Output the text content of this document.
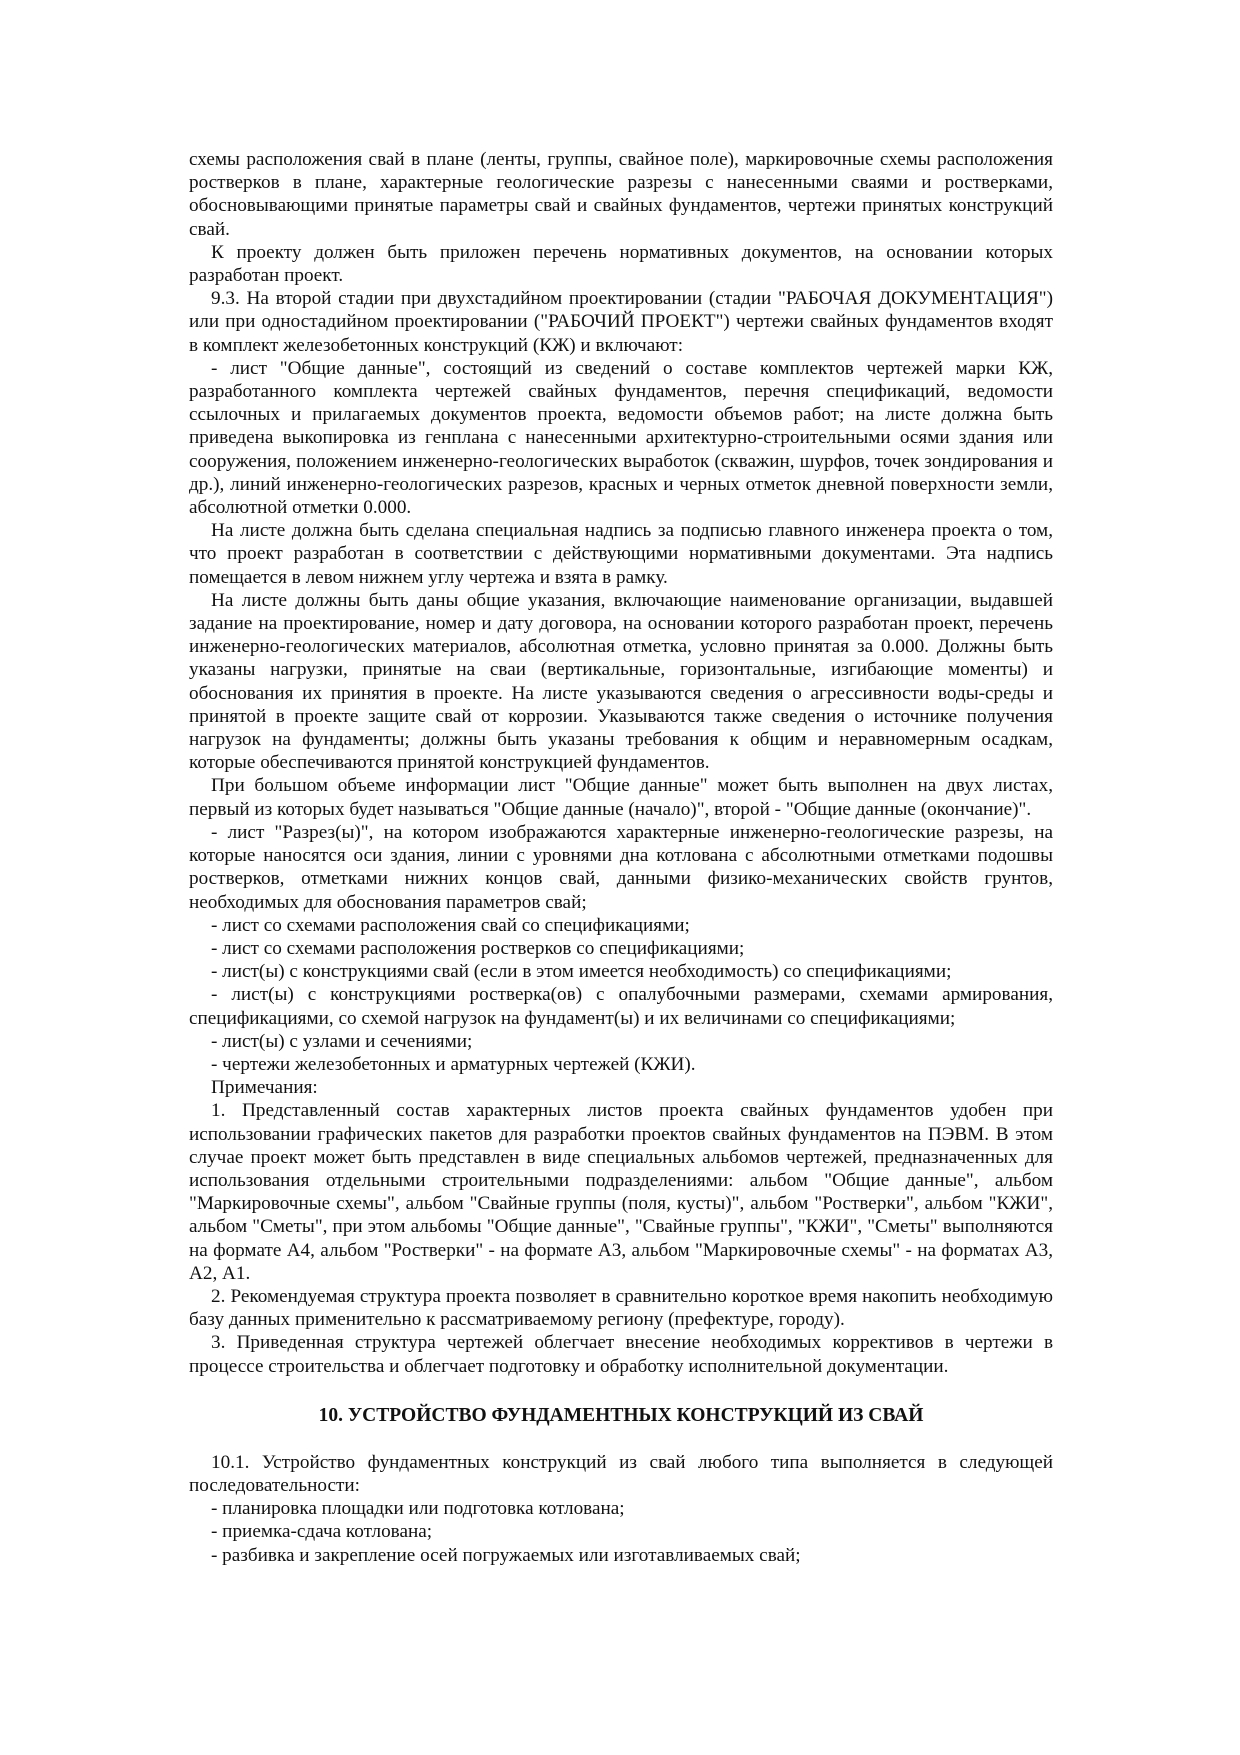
схемы расположения свай в плане (ленты, группы, свайное поле), маркировочные схемы расположения ростверков в плане, характерные геологические разрезы с нанесенными сваями и ростверками, обосновывающими принятые параметры свай и свайных фундаментов, чертежи принятых конструкций свай.

К проекту должен быть приложен перечень нормативных документов, на основании которых разработан проект.

9.3. На второй стадии при двухстадийном проектировании (стадии "РАБОЧАЯ ДОКУМЕНТАЦИЯ") или при одностадийном проектировании ("РАБОЧИЙ ПРОЕКТ") чертежи свайных фундаментов входят в комплект железобетонных конструкций (КЖ) и включают:

- лист "Общие данные", состоящий из сведений о составе комплектов чертежей марки КЖ, разработанного комплекта чертежей свайных фундаментов, перечня спецификаций, ведомости ссылочных и прилагаемых документов проекта, ведомости объемов работ; на листе должна быть приведена выкопировка из генплана с нанесенными архитектурно-строительными осями здания или сооружения, положением инженерно-геологических выработок (скважин, шурфов, точек зондирования и др.), линий инженерно-геологических разрезов, красных и черных отметок дневной поверхности земли, абсолютной отметки 0.000.

На листе должна быть сделана специальная надпись за подписью главного инженера проекта о том, что проект разработан в соответствии с действующими нормативными документами. Эта надпись помещается в левом нижнем углу чертежа и взята в рамку.

На листе должны быть даны общие указания, включающие наименование организации, выдавшей задание на проектирование, номер и дату договора, на основании которого разработан проект, перечень инженерно-геологических материалов, абсолютная отметка, условно принятая за 0.000. Должны быть указаны нагрузки, принятые на сваи (вертикальные, горизонтальные, изгибающие моменты) и обоснования их принятия в проекте. На листе указываются сведения о агрессивности воды-среды и принятой в проекте защите свай от коррозии. Указываются также сведения о источнике получения нагрузок на фундаменты; должны быть указаны требования к общим и неравномерным осадкам, которые обеспечиваются принятой конструкцией фундаментов.

При большом объеме информации лист "Общие данные" может быть выполнен на двух листах, первый из которых будет называться "Общие данные (начало)", второй - "Общие данные (окончание)".

- лист "Разрез(ы)", на котором изображаются характерные инженерно-геологические разрезы, на которые наносятся оси здания, линии с уровнями дна котлована с абсолютными отметками подошвы ростверков, отметками нижних концов свай, данными физико-механических свойств грунтов, необходимых для обоснования параметров свай;

- лист со схемами расположения свай со спецификациями;

- лист со схемами расположения ростверков со спецификациями;

- лист(ы) с конструкциями свай (если в этом имеется необходимость) со спецификациями;

- лист(ы) с конструкциями ростверка(ов) с опалубочными размерами, схемами армирования, спецификациями, со схемой нагрузок на фундамент(ы) и их величинами со спецификациями;

- лист(ы) с узлами и сечениями;

- чертежи железобетонных и арматурных чертежей (КЖИ).

Примечания:

1. Представленный состав характерных листов проекта свайных фундаментов удобен при использовании графических пакетов для разработки проектов свайных фундаментов на ПЭВМ. В этом случае проект может быть представлен в виде специальных альбомов чертежей, предназначенных для использования отдельными строительными подразделениями: альбом "Общие данные", альбом "Маркировочные схемы", альбом "Свайные группы (поля, кусты)", альбом "Ростверки", альбом "КЖИ", альбом "Сметы", при этом альбомы "Общие данные", "Свайные группы", "КЖИ", "Сметы" выполняются на формате А4, альбом "Ростверки" - на формате А3, альбом "Маркировочные схемы" - на форматах А3, А2, А1.

2. Рекомендуемая структура проекта позволяет в сравнительно короткое время накопить необходимую базу данных применительно к рассматриваемому региону (префектуре, городу).

3. Приведенная структура чертежей облегчает внесение необходимых коррективов в чертежи в процессе строительства и облегчает подготовку и обработку исполнительной документации.

10. УСТРОЙСТВО ФУНДАМЕНТНЫХ КОНСТРУКЦИЙ ИЗ СВАЙ

10.1. Устройство фундаментных конструкций из свай любого типа выполняется в следующей последовательности:

- планировка площадки или подготовка котлована;

- приемка-сдача котлована;

- разбивка и закрепление осей погружаемых или изготавливаемых свай;
